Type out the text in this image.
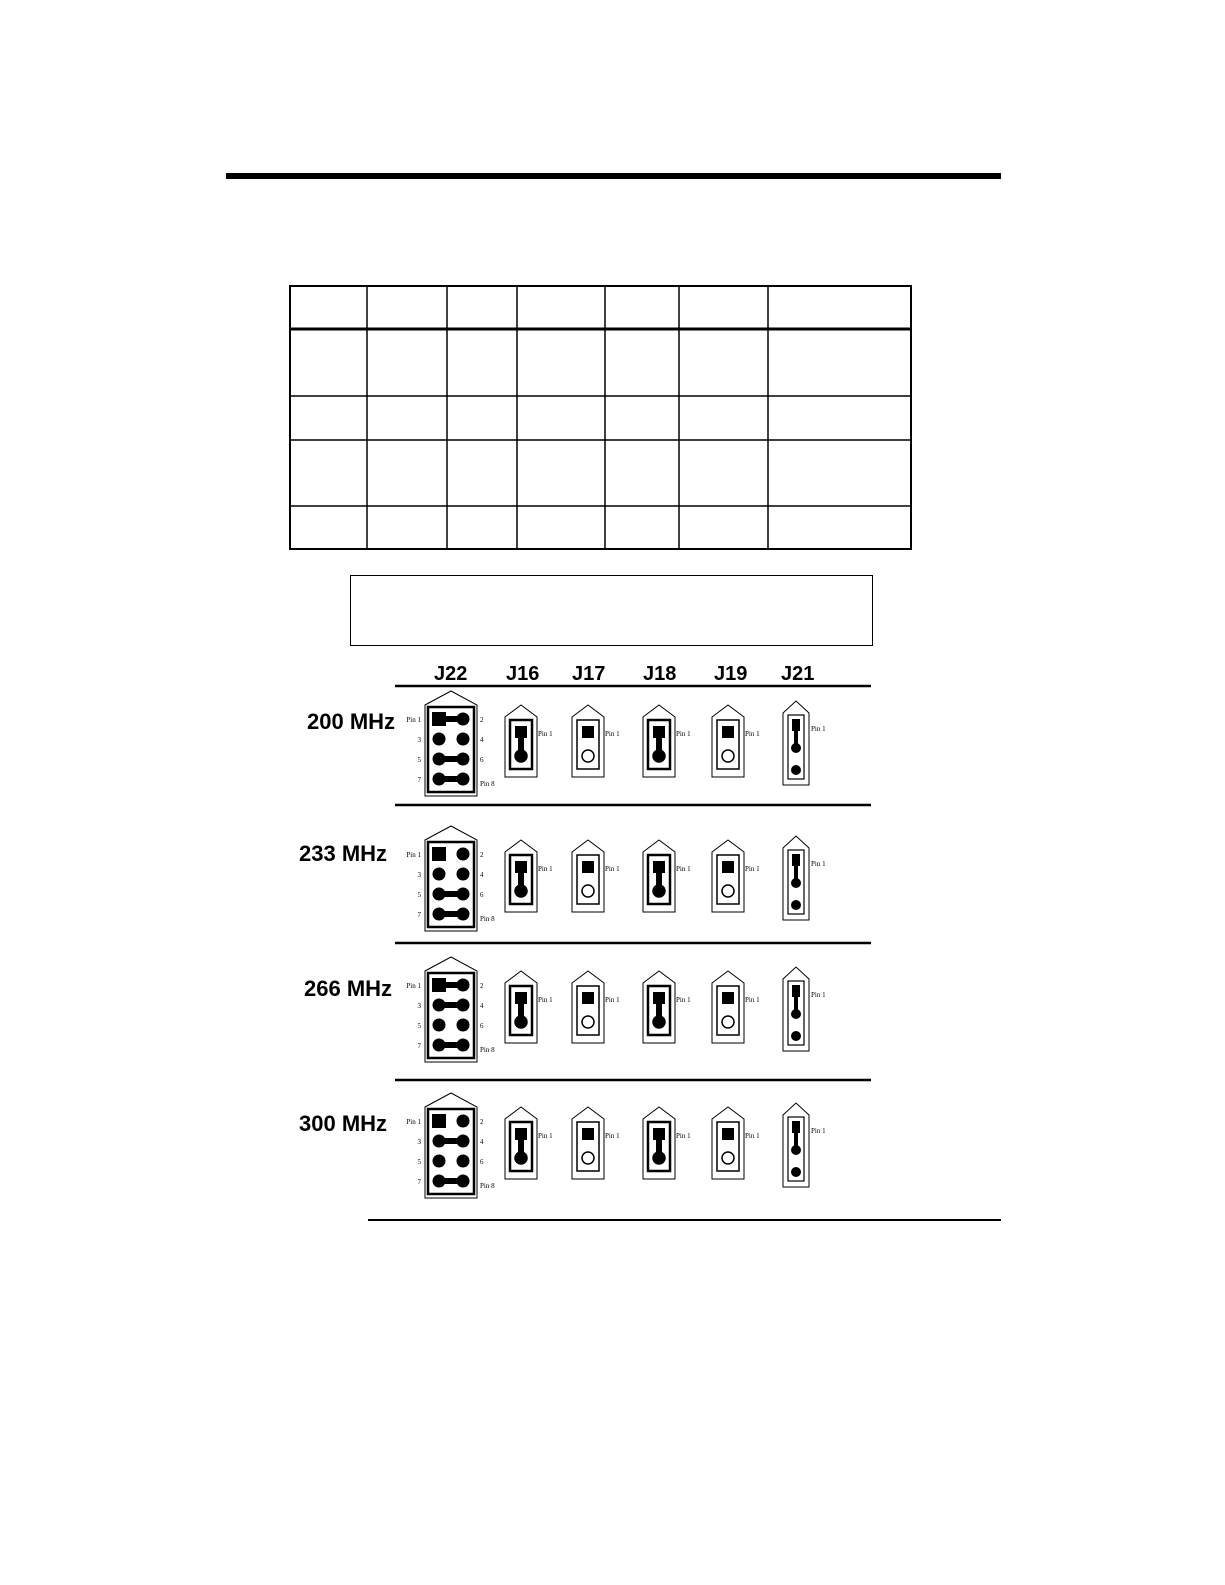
J22 J16 J17 J18 J19 J21
200 MHz
233 MHz
266 MHz
300 MHz
Pin 1	2
3	4
5	6
7	Pin 8
Pin 1	Pin 1	Pin 1	Pin 1
Pin 1
Pin 1	2
3	4
5	6
7	Pin 8
Pin 1	Pin 1	Pin 1	Pin 1
Pin 1
Pin 1	2
3	4
5	6
7	Pin 8
Pin 1	Pin 1	Pin 1	Pin 1
Pin 1
Pin 1	2
3	4
5	6
7	Pin 8
Pin 1	Pin 1	Pin 1	Pin 1
Pin 1
